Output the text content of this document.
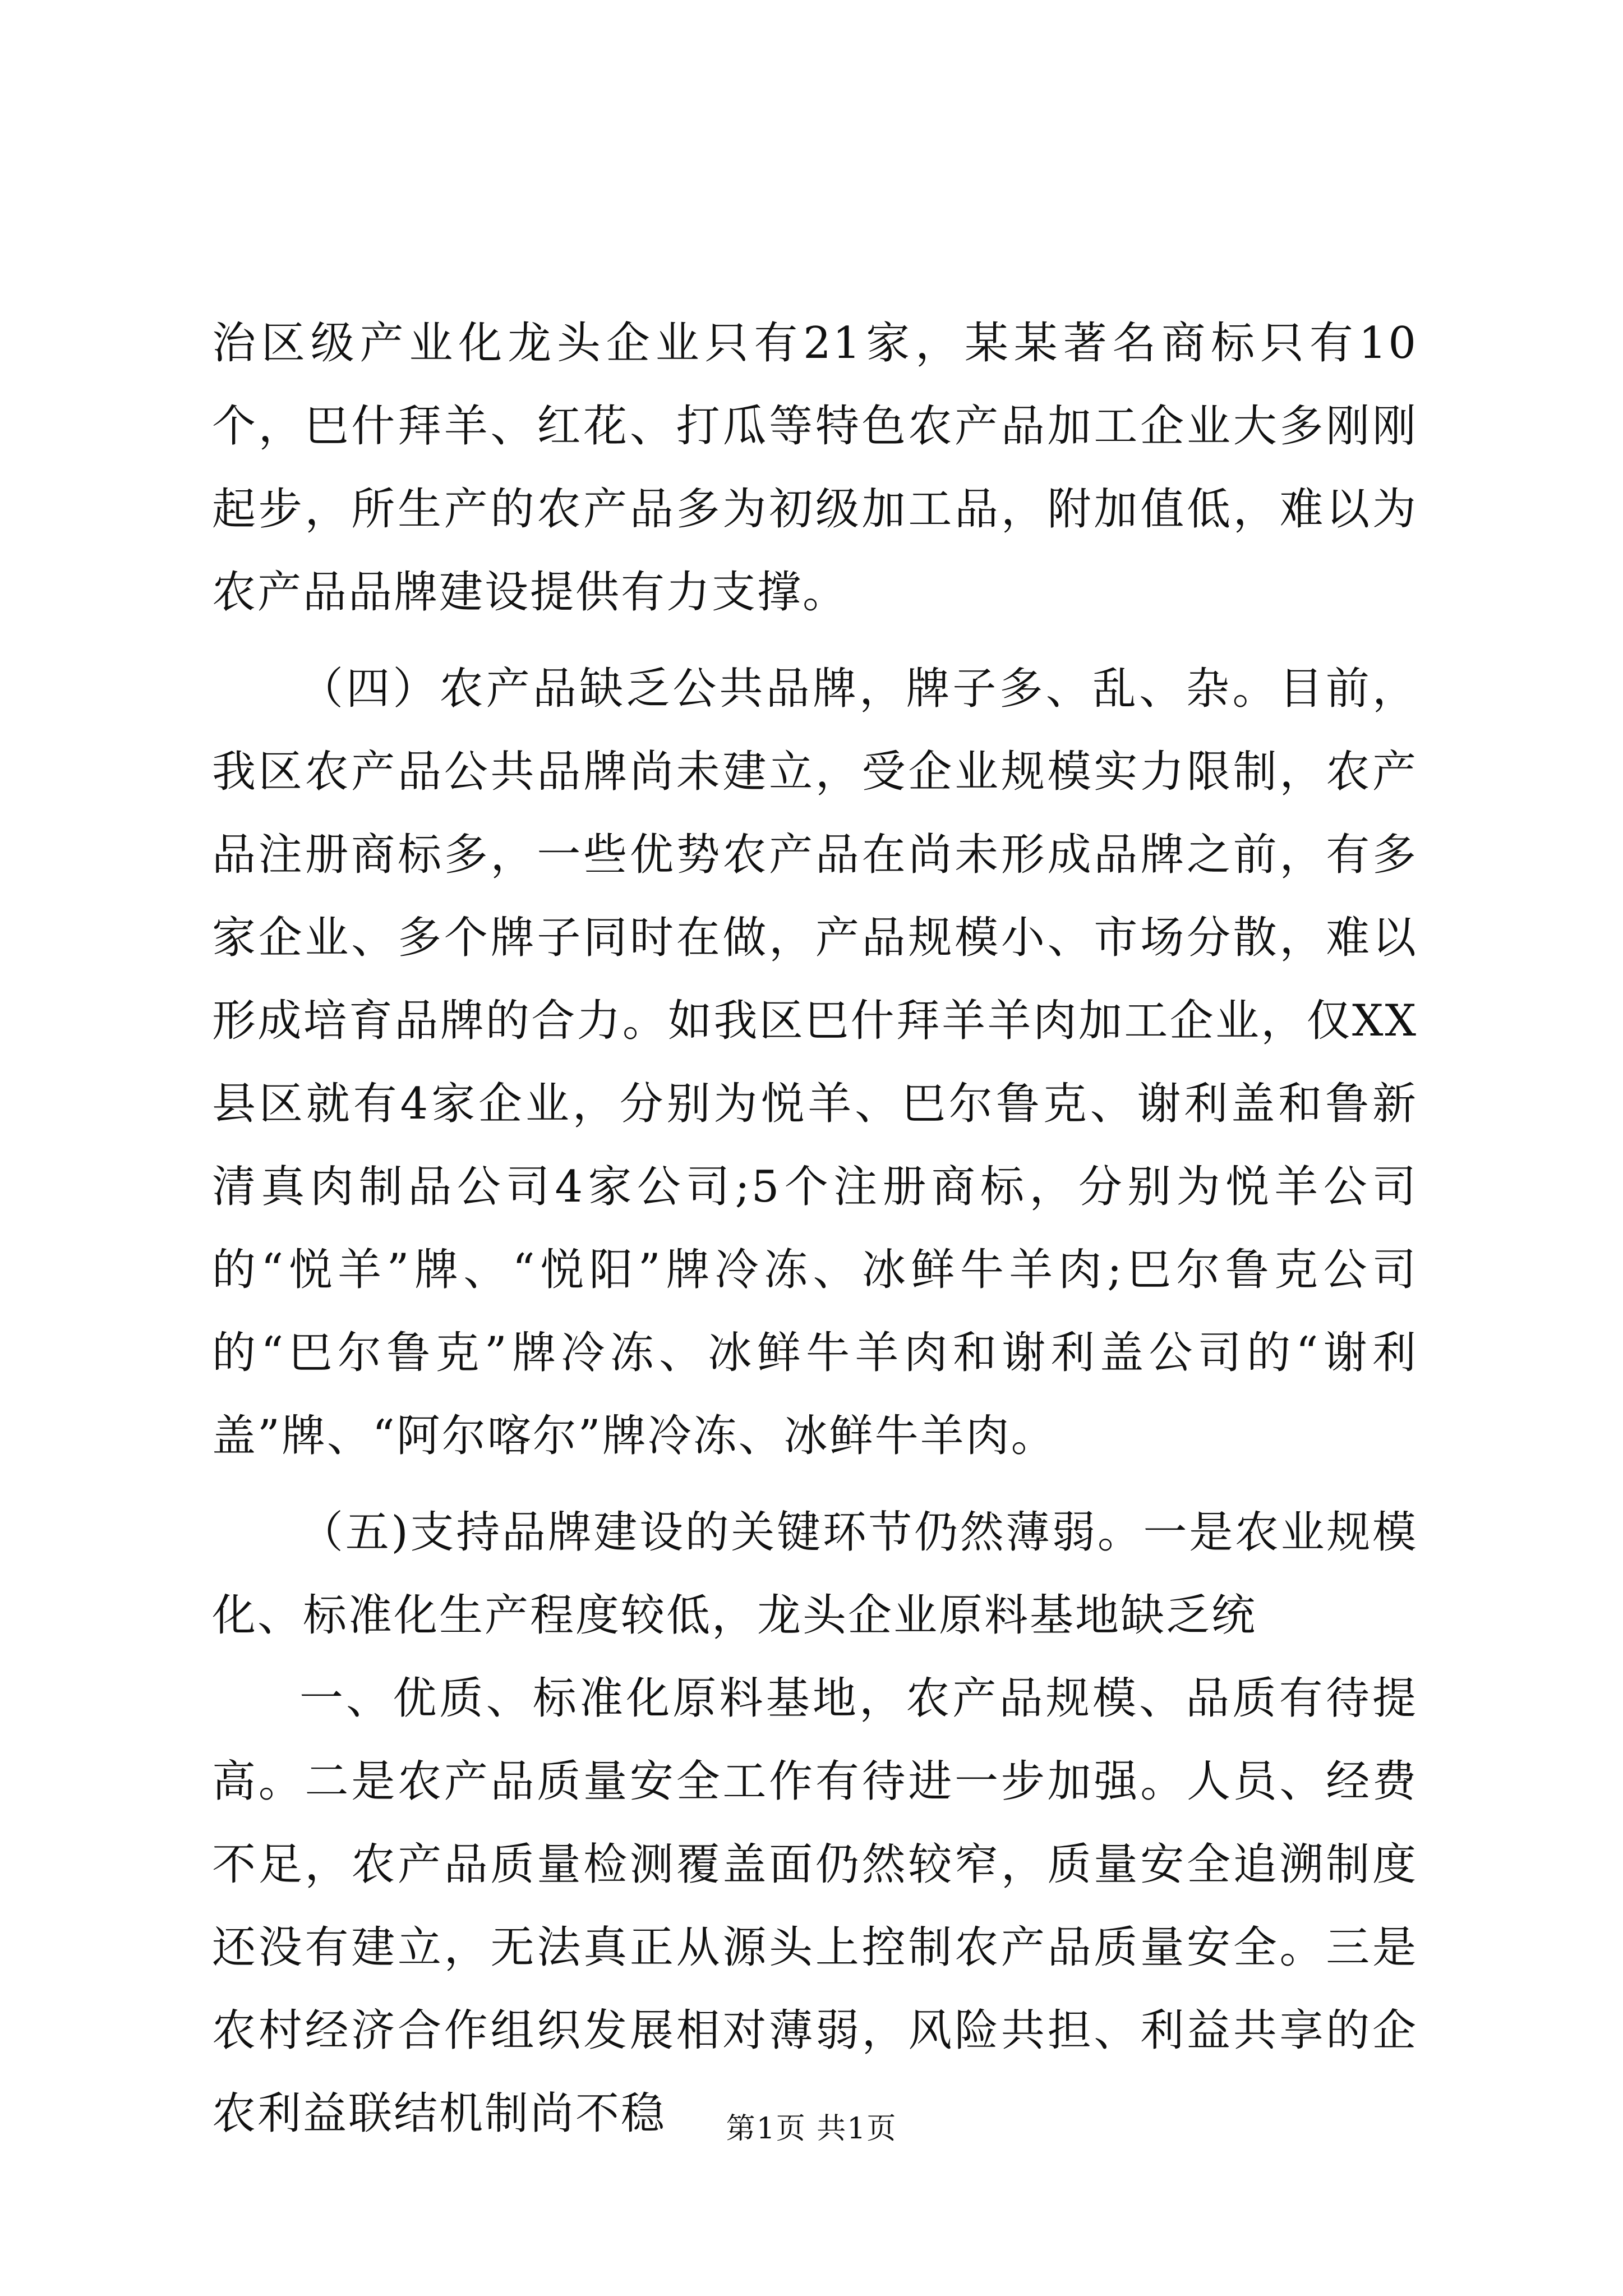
治区级产业化龙头企业只有21家，某某著名商标只有10个，巴什拜羊、红花、打瓜等特色农产品加工企业大多刚刚起步，所生产的农产品多为初级加工品，附加值低，难以为农产品品牌建设提供有力支撑。

（四）农产品缺乏公共品牌，牌子多、乱、杂。目前，我区农产品公共品牌尚未建立，受企业规模实力限制，农产品注册商标多，一些优势农产品在尚未形成品牌之前，有多家企业、多个牌子同时在做，产品规模小、市场分散，难以形成培育品牌的合力。如我区巴什拜羊羊肉加工企业，仅XX县区就有4家企业，分别为悦羊、巴尔鲁克、谢利盖和鲁新清真肉制品公司4家公司;5个注册商标，分别为悦羊公司的“悦羊”牌、“悦阳”牌冷冻、冰鲜牛羊肉;巴尔鲁克公司的“巴尔鲁克”牌冷冻、冰鲜牛羊肉和谢利盖公司的“谢利盖”牌、“阿尔喀尔”牌冷冻、冰鲜牛羊肉。

（五)支持品牌建设的关键环节仍然薄弱。一是农业规模化、标准化生产程度较低，龙头企业原料基地缺乏统

一、优质、标准化原料基地，农产品规模、品质有待提高。二是农产品质量安全工作有待进一步加强。人员、经费不足，农产品质量检测覆盖面仍然较窄，质量安全追溯制度还没有建立，无法真正从源头上控制农产品质量安全。三是农村经济合作组织发展相对薄弱，风险共担、利益共享的企农利益联结机制尚不稳	第1页 共1页
